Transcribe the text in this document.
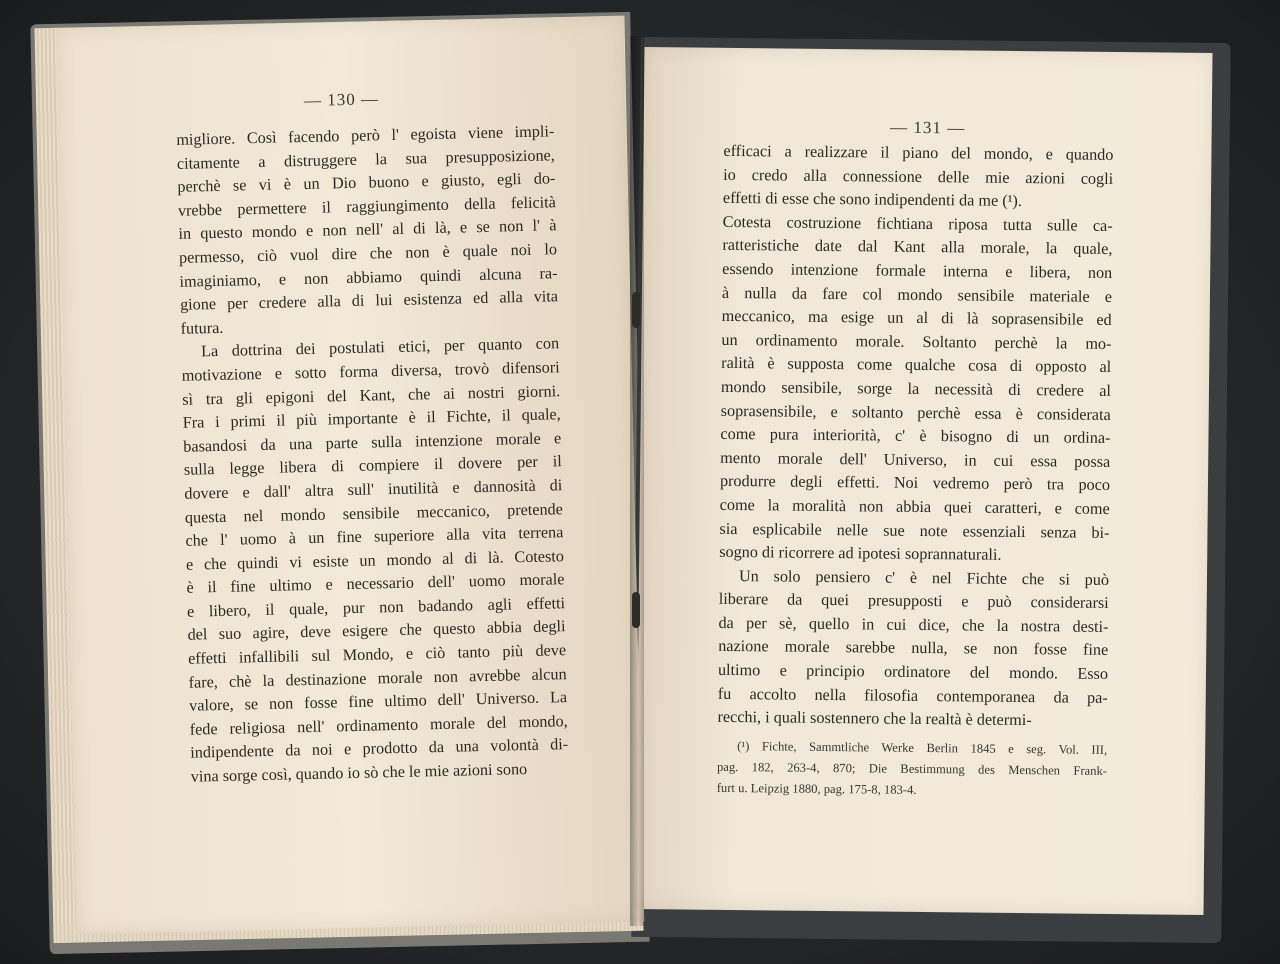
— 130 —
migliore. Così facendo però l' egoista viene impli-
citamente a distruggere la sua presupposizione,
perchè se vi è un Dio buono e giusto, egli do-
vrebbe permettere il raggiungimento della felicità
in questo mondo e non nell' al di là, e se non l' à
permesso, ciò vuol dire che non è quale noi lo
imaginiamo, e non abbiamo quindi alcuna ra-
gione per credere alla di lui esistenza ed alla vita
futura.
La dottrina dei postulati etici, per quanto con
motivazione e sotto forma diversa, trovò difensori
sì tra gli epigoni del Kant, che ai nostri giorni.
Fra i primi il più importante è il Fichte, il quale,
basandosi da una parte sulla intenzione morale e
sulla legge libera di compiere il dovere per il
dovere e dall' altra sull' inutilità e dannosità di
questa nel mondo sensibile meccanico, pretende
che l' uomo à un fine superiore alla vita terrena
e che quindi vi esiste un mondo al di là. Cotesto
è il fine ultimo e necessario dell' uomo morale
e libero, il quale, pur non badando agli effetti
del suo agire, deve esigere che questo abbia degli
effetti infallibili sul Mondo, e ciò tanto più deve
fare, chè la destinazione morale non avrebbe alcun
valore, se non fosse fine ultimo dell' Universo. La
fede religiosa nell' ordinamento morale del mondo,
indipendente da noi e prodotto da una volontà di-
vina sorge così, quando io sò che le mie azioni sono
— 131 —
efficaci a realizzare il piano del mondo, e quando
io credo alla connessione delle mie azioni cogli
effetti di esse che sono indipendenti da me (¹).
Cotesta costruzione fichtiana riposa tutta sulle ca-
ratteristiche date dal Kant alla morale, la quale,
essendo intenzione formale interna e libera, non
à nulla da fare col mondo sensibile materiale e
meccanico, ma esige un al di là soprasensibile ed
un ordinamento morale. Soltanto perchè la mo-
ralità è supposta come qualche cosa di opposto al
mondo sensibile, sorge la necessità di credere al
soprasensibile, e soltanto perchè essa è considerata
come pura interiorità, c' è bisogno di un ordina-
mento morale dell' Universo, in cui essa possa
produrre degli effetti. Noi vedremo però tra poco
come la moralità non abbia quei caratteri, e come
sia esplicabile nelle sue note essenziali senza bi-
sogno di ricorrere ad ipotesi soprannaturali.
Un solo pensiero c' è nel Fichte che si può
liberare da quei presupposti e può considerarsi
da per sè, quello in cui dice, che la nostra desti-
nazione morale sarebbe nulla, se non fosse fine
ultimo e principio ordinatore del mondo. Esso
fu accolto nella filosofia contemporanea da pa-
recchi, i quali sostennero che la realtà è determi-
(¹) Fichte, Sammtliche Werke Berlin 1845 e seg. Vol. III,
pag. 182, 263-4, 870; Die Bestimmung des Menschen Frank-
furt u. Leipzig 1880, pag. 175-8, 183-4.
